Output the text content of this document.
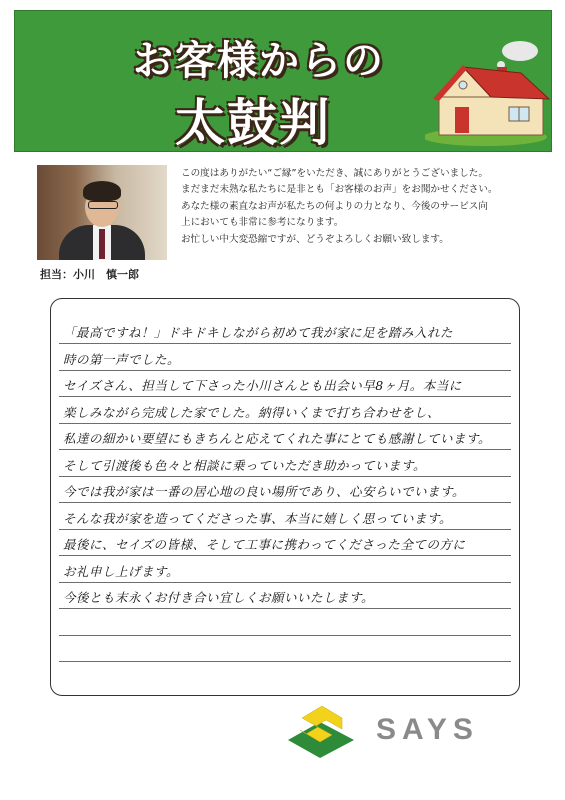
お客様からの
太鼓判
担当：小川　慎一郎
この度はありがたい“ご縁”をいただき、誠にありがとうございました。
まだまだ未熟な私たちに是非とも「お客様のお声」をお聞かせください。
あなた様の素直なお声が私たちの何よりの力となり、今後のサービス向
上においても非常に参考になります。
お忙しい中大変恐縮ですが、どうぞよろしくお願い致します。
「最高ですね！」ドキドキしながら初めて我が家に足を踏み入れた
時の第一声でした。
セイズさん、担当して下さった小川さんとも出会い早8ヶ月。本当に
楽しみながら完成した家でした。納得いくまで打ち合わせをし、
私達の細かい要望にもきちんと応えてくれた事にとても感謝しています。
そして引渡後も色々と相談に乗っていただき助かっています。
今では我が家は一番の居心地の良い場所であり、心安らいでいます。
そんな我が家を造ってくださった事、本当に嬉しく思っています。
最後に、セイズの皆様、そして工事に携わってくださった全ての方に
お礼申し上げます。
今後とも末永くお付き合い宜しくお願いいたします。
SAYS
